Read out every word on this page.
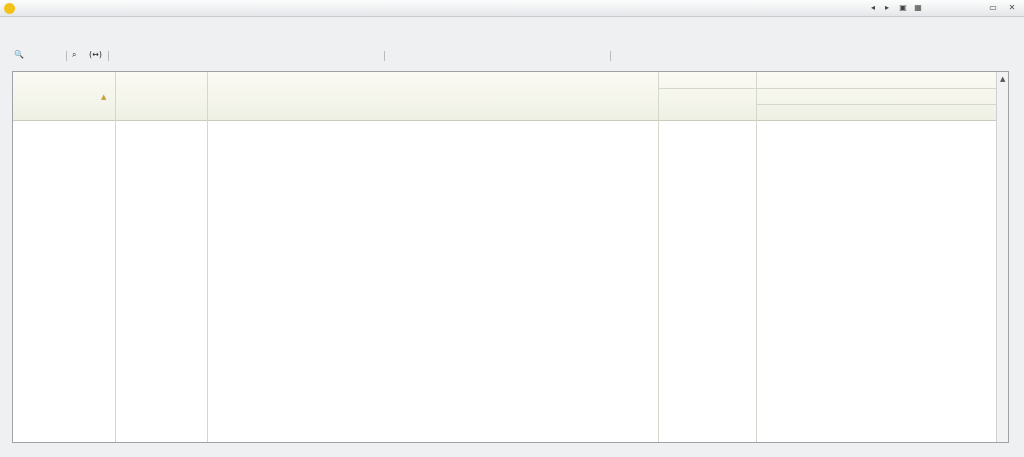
◂	▸	▣ ▦	▭	✕
🔍	⌕ (↔)
▲
▲
